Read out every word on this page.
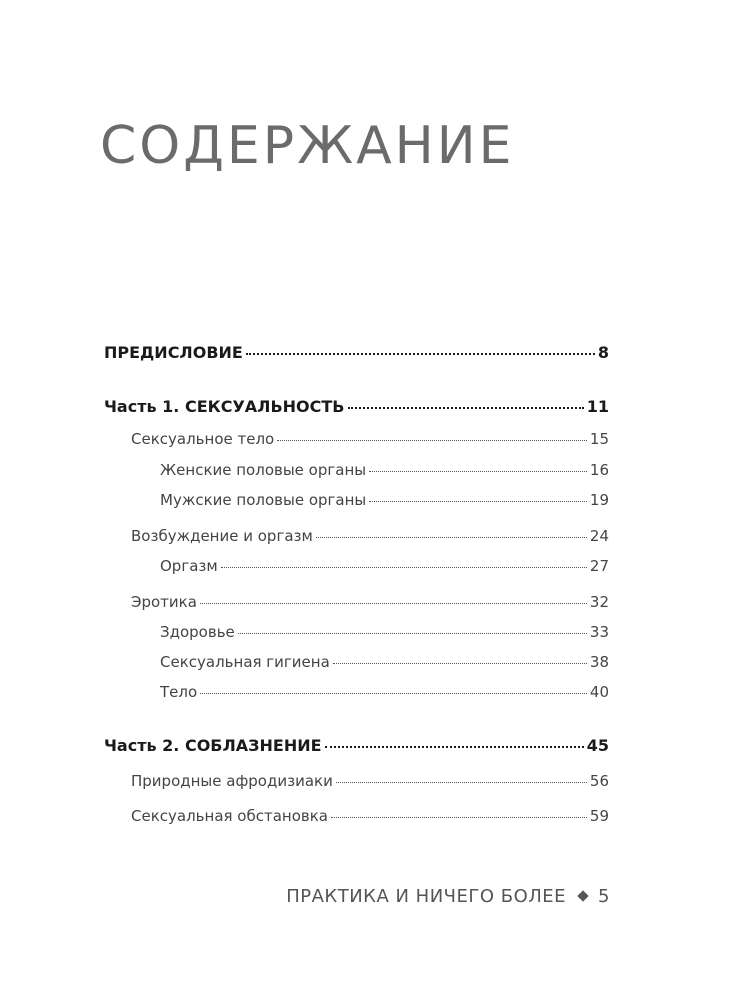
СОДЕРЖАНИЕ
ПРЕДИСЛОВИЕ	8
Часть 1. СЕКСУАЛЬНОСТЬ	11
Сексуальное тело	15
Женские половые органы	16
Мужские половые органы	19
Возбуждение и оргазм	24
Оргазм	27
Эротика	32
Здоровье	33
Сексуальная гигиена	38
Тело	40
Часть 2. СОБЛАЗНЕНИЕ	45
Природные афродизиаки	56
Сексуальная обстановка	59
ПРАКТИКА И НИЧЕГО БОЛЕЕ 5
